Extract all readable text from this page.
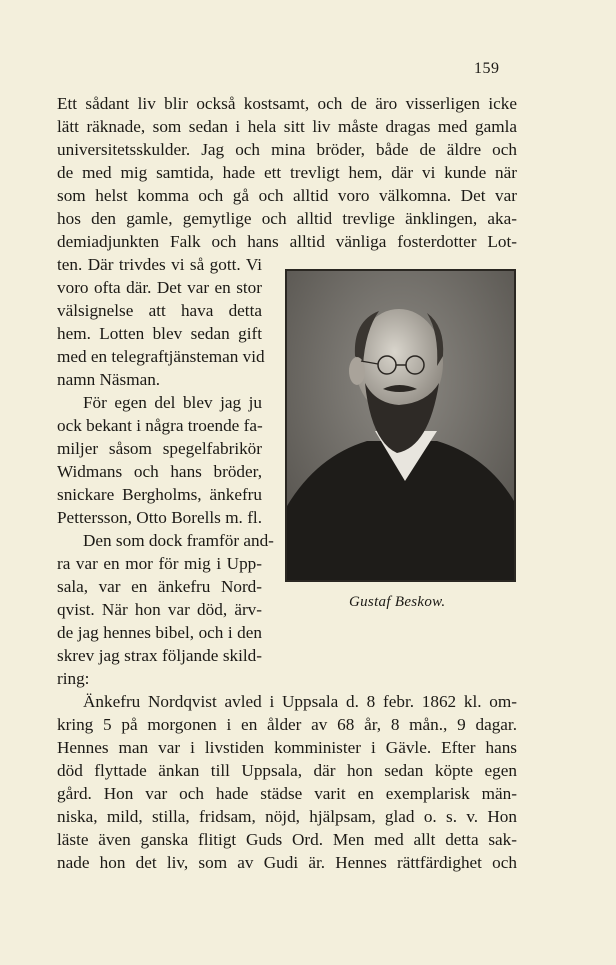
159
Ett sådant liv blir också kostsamt, och de äro visserligen icke
lätt räknade, som sedan i hela sitt liv måste dragas med gamla
universitetsskulder. Jag och mina bröder, både de äldre och
de med mig samtida, hade ett trevligt hem, där vi kunde när
som helst komma och gå och alltid voro välkomna. Det var
hos den gamle, gemytlige och alltid trevlige änklingen, aka-
demiadjunkten Falk och hans alltid vänliga fosterdotter Lot-
ten. Där trivdes vi så gott. Vi
voro ofta där. Det var en stor
välsignelse att hava detta
hem. Lotten blev sedan gift
med en telegraftjänsteman vid
namn Näsman.
För egen del blev jag ju
ock bekant i några troende fa-
miljer såsom spegelfabrikör
Widmans och hans bröder,
snickare Bergholms, änkefru
Pettersson, Otto Borells m. fl.
Den som dock framför and-
ra var en mor för mig i Upp-
sala, var en änkefru Nord-
qvist. När hon var död, ärv-
de jag hennes bibel, och i den
skrev jag strax följande skild-
ring:
Änkefru Nordqvist avled i Uppsala d. 8 febr. 1862 kl. om-
kring 5 på morgonen i en ålder av 68 år, 8 mån., 9 dagar.
Hennes man var i livstiden komminister i Gävle. Efter hans
död flyttade änkan till Uppsala, där hon sedan köpte egen
gård. Hon var och hade städse varit en exemplarisk män-
niska, mild, stilla, fridsam, nöjd, hjälpsam, glad o. s. v. Hon
läste även ganska flitigt Guds Ord. Men med allt detta sak-
nade hon det liv, som av Gudi är. Hennes rättfärdighet och
Gustaf Beskow.
